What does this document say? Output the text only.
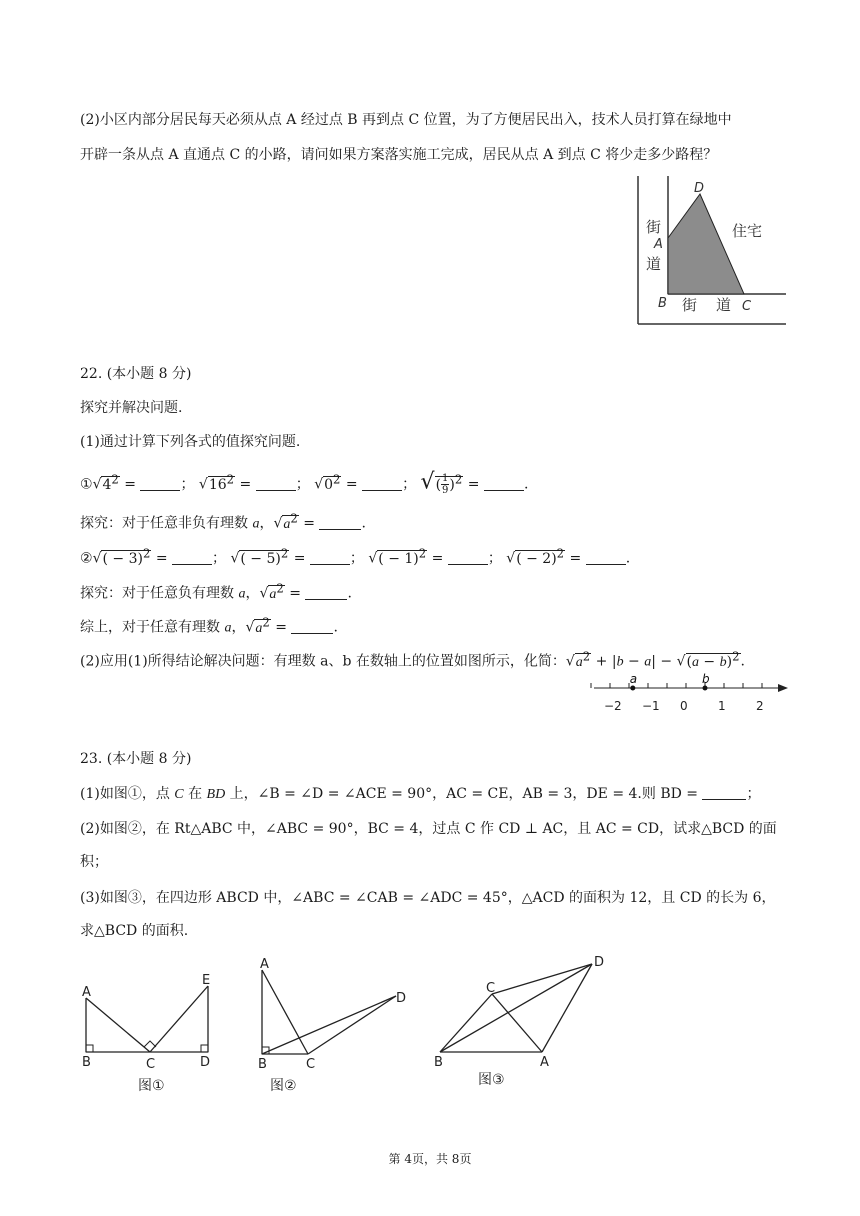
(2)小区内部分居民每天必须从点 A 经过点 B 再到点 C 位置，为了方便居民出入，技术人员打算在绿地中
开辟一条从点 A 直通点 C 的小路，请问如果方案落实施工完成，居民从点 A 到点 C 将少走多少路程？
街
A
道
D
住宅
B 街 道 C
22. (本小题 8 分)
探究并解决问题.
(1)通过计算下列各式的值探究问题.
$①√4^2$ =	； $√16^2$ =	； $√0^2$ =	； √( $\frac{1}{9} )^2$ =	.
探究：对于任意非负有理数 a，$√a^2$ =	.
②√( − 3)$^2$ =	； √( − 5)$^2$ =	； √( − 1)$^2$ =	； √( − 2)$^2$ =	.
探究：对于任意负有理数 a，$√a^2$ =	.
综上，对于任意有理数 a，$√a^2$ =	.
(2)应用(1)所得结论解决问题：有理数 a、b 在数轴上的位置如图所示，化简：$√a^2 + |b - a| - √(a - b)^2$.
−2 −1 0	1	2
a	b
23. (本小题 8 分)
(1)如图①，点 C 在 BD 上，∠B = ∠D = ∠ACE = 90°，AC = CE，AB = 3，DE = 4.则 BD =	；
(2)如图②，在 Rt△ABC 中，∠ABC = 90°，BC = 4，过点 C 作 CD ⊥ AC，且 AC = CD，试求△BCD 的面
积；
(3)如图③，在四边形 ABCD 中，∠ABC = ∠CAB = ∠ADC = 45°，△ACD 的面积为 12，且 CD 的长为 6，
求△BCD 的面积.
A
E
B	C	D
图①
A
D
B	C
图②
C
D
B	A
图③
第 4页，共 8页
